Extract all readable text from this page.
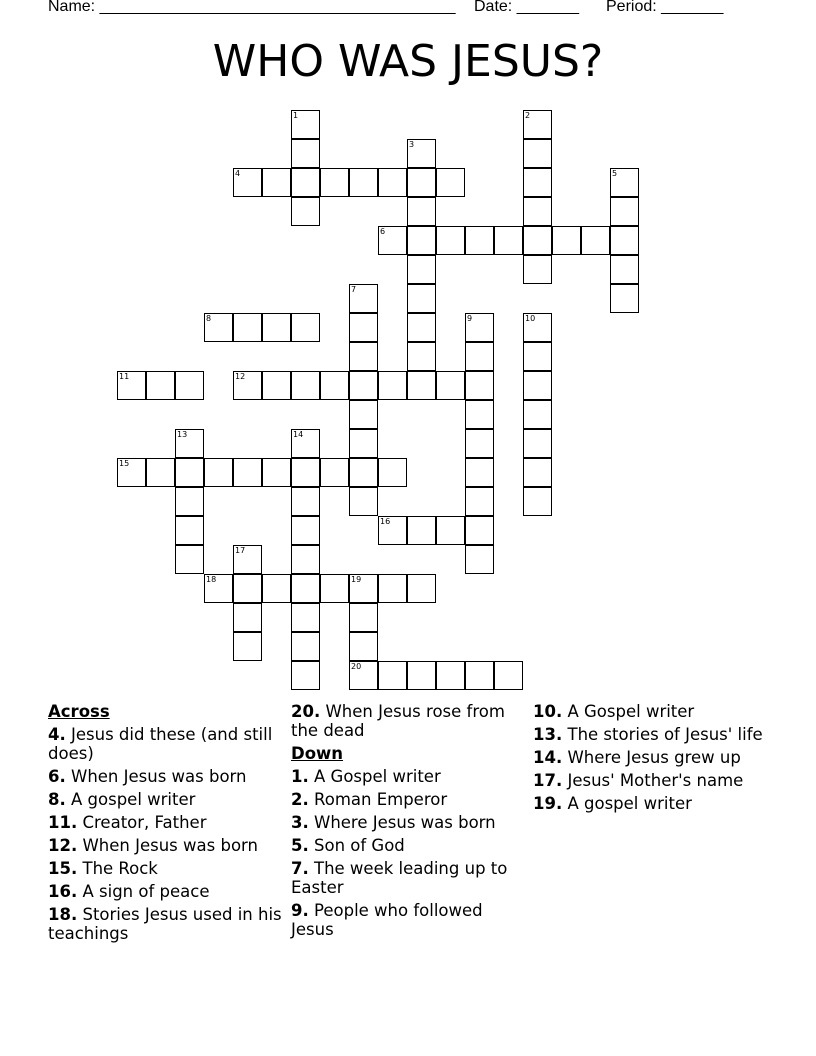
Name: ________________________________________

Date: _______

Period: _______

WHO WAS JESUS?
4
6
8
11	12
15
16
18	19
20
1	2
3
5
7
9	10
13	14
17
Across
4. Jesus did these (and still does)
6. When Jesus was born
8. A gospel writer
11. Creator, Father
12. When Jesus was born
15. The Rock
16. A sign of peace
18. Stories Jesus used in his teachings
20. When Jesus rose from the dead
Down
1. A Gospel writer
2. Roman Emperor
3. Where Jesus was born
5. Son of God
7. The week leading up to Easter
9. People who followed Jesus
10. A Gospel writer
13. The stories of Jesus' life
14. Where Jesus grew up
17. Jesus' Mother's name
19. A gospel writer
